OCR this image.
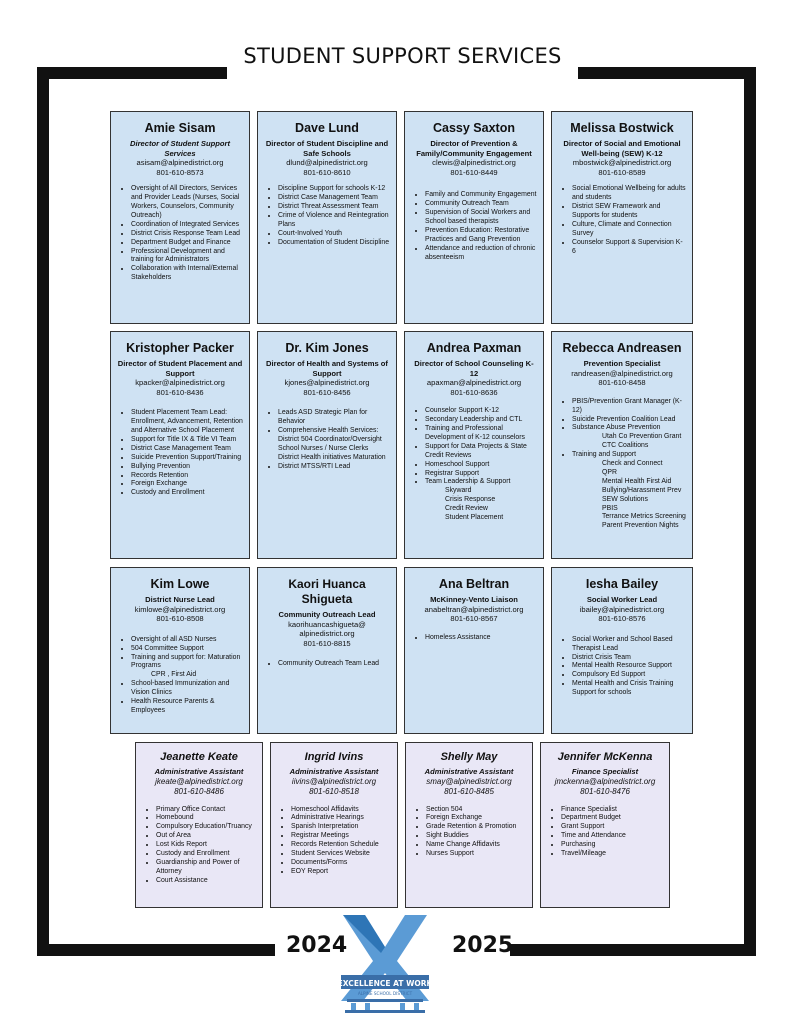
STUDENT SUPPORT SERVICES
Amie Sisam
Director of Student Support Services
asisam@alpinedistrict.org
801-610-8573
• Oversight of All Directors, Services and Provider Leads (Nurses, Social Workers, Counselors, Community Outreach)
• Coordination of Integrated Services
• District Crisis Response Team Lead
• Department Budget and Finance
• Professional Development and training for Administrators
• Collaboration with Internal/External Stakeholders
Dave Lund
Director of Student Discipline and Safe Schools
dlund@alpinedistrict.org
801-610-8610
• Discipline Support for schools K-12
• District Case Management Team
• District Threat Assessment Team
• Crime of Violence and Reintegration Plans
• Court-Involved Youth
• Documentation of Student Discipline
Cassy Saxton
Director of Prevention & Family/Community Engagement
clewis@alpinedistrict.org
801-610-8449
• Family and Community Engagement
• Community Outreach Team
• Supervision of Social Workers and School based therapists
• Prevention Education: Restorative Practices and Gang Prevention
• Attendance and reduction of chronic absenteeism
Melissa Bostwick
Director of Social and Emotional Well-being (SEW) K-12
mbostwick@alpinedistrict.org
801-610-8589
• Social Emotional Wellbeing for adults and students
• District SEW Framework and Supports for students
• Culture, Climate and Connection Survey
• Counselor Support & Supervision K-6
Kristopher Packer
Director of Student Placement and Support
kpacker@alpinedistrict.org
801-610-8436
• Student Placement Team Lead: Enrollment, Advancement, Retention and Alternative School Placement
• Support for Title IX & Title VI Team
• District Case Management Team
• Suicide Prevention Support/Training
• Bullying Prevention
• Records Retention
• Foreign Exchange
• Custody and Enrollment
Dr. Kim Jones
Director of Health and Systems of Support
kjones@alpinedistrict.org
801-610-8456
• Leads ASD Strategic Plan for Behavior
• Comprehensive Health Services: District 504 Coordinator/Oversight School Nurses / Nurse Clerks District Health initiatives Maturation
• District MTSS/RTI Lead
Andrea Paxman
Director of School Counseling K-12
apaxman@alpinedistrict.org
801-610-8636
• Counselor Support K-12
• Secondary Leadership and CTL
• Training and Professional Development of K-12 counselors
• Support for Data Projects & State Credit Reviews
• Homeschool Support
• Registrar Support
• Team Leadership & Support
Skyward
Crisis Response
Credit Review
Student Placement
Rebecca Andreasen
Prevention Specialist
randreasen@alpinedistrict.org
801-610-8458
• PBIS/Prevention Grant Manager (K-12)
• Suicide Prevention Coalition Lead
• Substance Abuse Prevention
Utah Co Prevention Grant
CTC Coalitions
• Training and Support
Check and Connect
QPR
Mental Health First Aid
Bullying/Harassment Prev
SEW Solutions
PBIS
Terrance Metrics Screening
Parent Prevention Nights
Kim Lowe
District Nurse Lead
kimlowe@alpinedistrict.org
801-610-8508
• Oversight of all ASD Nurses
• 504 Committee Support
• Training and support for: Maturation Programs
CPR , First Aid
• School-based Immunization and Vision Clinics
• Health Resource Parents & Employees
Kaori Huanca Shigueta
Community Outreach Lead
kaorihuancashigueta@ alpinedistrict.org
801-610-8815
• Community Outreach Team Lead
Ana Beltran
McKinney-Vento Liaison
anabeltran@alpinedistrict.org
801-610-8567
• Homeless Assistance
Iesha Bailey
Social Worker Lead
ibailey@alpinedistrict.org
801-610-8576
• Social Worker and School Based Therapist Lead
• District Crisis Team
• Mental Health Resource Support
• Compulsory Ed Support
• Mental Health and Crisis Training Support for schools
Jeanette Keate
Administrative Assistant
jkeate@alpinedistrict.org
801-610-8486
• Primary Office Contact
• Homebound
• Compulsory Education/Truancy
• Out of Area
• Lost Kids Report
• Custody and Enrollment
• Guardianship and Power of Attorney
• Court Assistance
Ingrid Ivins
Administrative Assistant
iivins@alpinedistrict.org
801-610-8518
• Homeschool Affidavits
• Administrative Hearings
• Spanish Interpretation
• Registrar Meetings
• Records Retention Schedule
• Student Services Website
• Documents/Forms
• EOY Report
Shelly May
Administrative Assistant
smay@alpinedistrict.org
801-610-8485
• Section 504
• Foreign Exchange
• Grade Retention & Promotion
• Sight Buddies
• Name Change Affidavits
• Nurses Support
Jennifer McKenna
Finance Specialist
jmckenna@alpinedistrict.org
801-610-8476
• Finance Specialist
• Department Budget
• Grant Support
• Time and Attendance
• Purchasing
• Travel/Mileage
2024	2025
EXCELLENCE AT WORK
ALPINE SCHOOL DISTRICT
